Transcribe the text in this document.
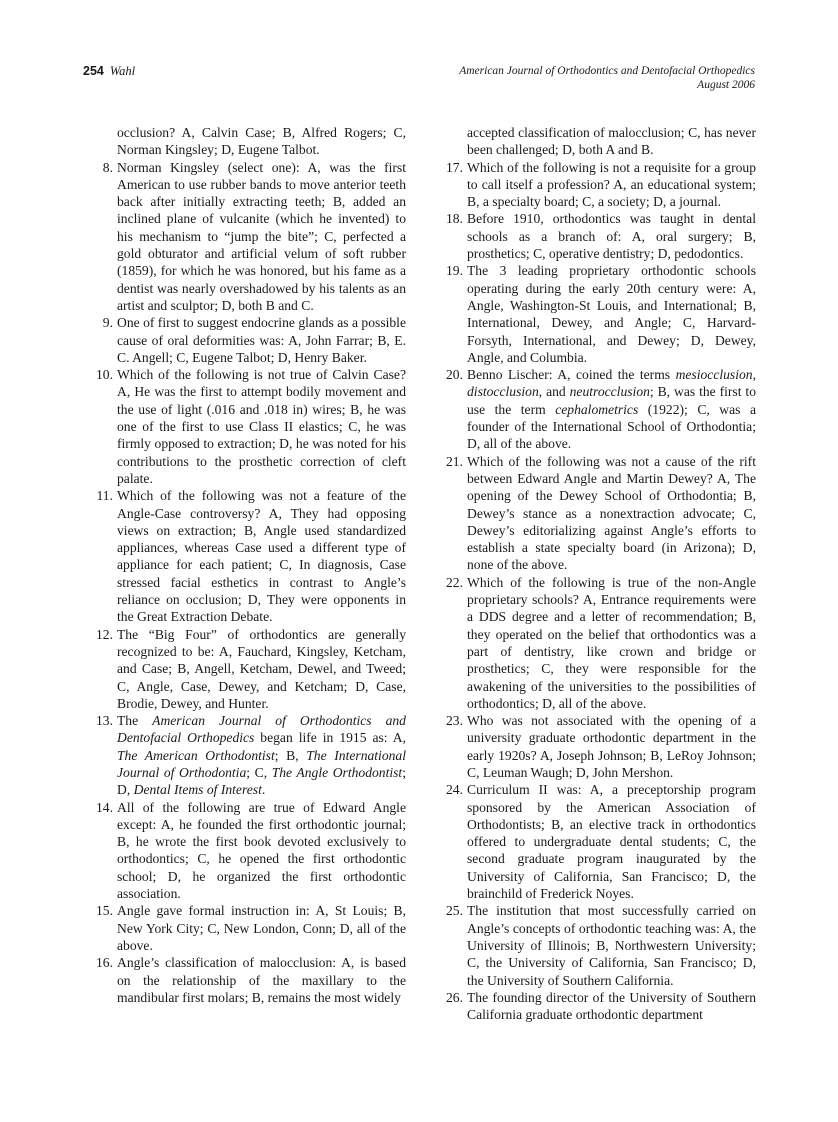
254 Wahl	American Journal of Orthodontics and Dentofacial Orthopedics
August 2006

occlusion? A, Calvin Case; B, Alfred Rogers; C, Norman Kingsley; D, Eugene Talbot.

8. Norman Kingsley (select one): A, was the first American to use rubber bands to move anterior teeth back after initially extracting teeth; B, added an inclined plane of vulcanite (which he invented) to his mechanism to “jump the bite”; C, perfected a gold obturator and artificial velum of soft rubber (1859), for which he was honored, but his fame as a dentist was nearly overshadowed by his talents as an artist and sculptor; D, both B and C.

9. One of first to suggest endocrine glands as a possible cause of oral deformities was: A, John Farrar; B, E. C. Angell; C, Eugene Talbot; D, Henry Baker.

10. Which of the following is not true of Calvin Case? A, He was the first to attempt bodily movement and the use of light (.016 and .018 in) wires; B, he was one of the first to use Class II elastics; C, he was firmly opposed to extraction; D, he was noted for his contributions to the prosthetic correction of cleft palate.

11. Which of the following was not a feature of the Angle-Case controversy? A, They had opposing views on extraction; B, Angle used standardized appliances, whereas Case used a different type of appliance for each patient; C, In diagnosis, Case stressed facial esthetics in contrast to Angle’s reliance on occlusion; D, They were opponents in the Great Extraction Debate.

12. The “Big Four” of orthodontics are generally recognized to be: A, Fauchard, Kingsley, Ketcham, and Case; B, Angell, Ketcham, Dewel, and Tweed; C, Angle, Case, Dewey, and Ketcham; D, Case, Brodie, Dewey, and Hunter.

13. The American Journal of Orthodontics and Dentofacial Orthopedics began life in 1915 as: A, The American Orthodontist; B, The International Journal of Orthodontia; C, The Angle Orthodontist; D, Dental Items of Interest.

14. All of the following are true of Edward Angle except: A, he founded the first orthodontic journal; B, he wrote the first book devoted exclusively to orthodontics; C, he opened the first orthodontic school; D, he organized the first orthodontic association.

15. Angle gave formal instruction in: A, St Louis; B, New York City; C, New London, Conn; D, all of the above.

16. Angle’s classification of malocclusion: A, is based on the relationship of the maxillary to the mandibular first molars; B, remains the most widely

accepted classification of malocclusion; C, has never been challenged; D, both A and B.

17. Which of the following is not a requisite for a group to call itself a profession? A, an educational system; B, a specialty board; C, a society; D, a journal.

18. Before 1910, orthodontics was taught in dental schools as a branch of: A, oral surgery; B, prosthetics; C, operative dentistry; D, pedodontics.

19. The 3 leading proprietary orthodontic schools operating during the early 20th century were: A, Angle, Washington-St Louis, and International; B, International, Dewey, and Angle; C, Harvard-Forsyth, International, and Dewey; D, Dewey, Angle, and Columbia.

20. Benno Lischer: A, coined the terms mesiocclusion, distocclusion, and neutrocclusion; B, was the first to use the term cephalometrics (1922); C, was a founder of the International School of Orthodontia; D, all of the above.

21. Which of the following was not a cause of the rift between Edward Angle and Martin Dewey? A, The opening of the Dewey School of Orthodontia; B, Dewey’s stance as a nonextraction advocate; C, Dewey’s editorializing against Angle’s efforts to establish a state specialty board (in Arizona); D, none of the above.

22. Which of the following is true of the non-Angle proprietary schools? A, Entrance requirements were a DDS degree and a letter of recommendation; B, they operated on the belief that orthodontics was a part of dentistry, like crown and bridge or prosthetics; C, they were responsible for the awakening of the universities to the possibilities of orthodontics; D, all of the above.

23. Who was not associated with the opening of a university graduate orthodontic department in the early 1920s? A, Joseph Johnson; B, LeRoy Johnson; C, Leuman Waugh; D, John Mershon.

24. Curriculum II was: A, a preceptorship program sponsored by the American Association of Orthodontists; B, an elective track in orthodontics offered to undergraduate dental students; C, the second graduate program inaugurated by the University of California, San Francisco; D, the brainchild of Frederick Noyes.

25. The institution that most successfully carried on Angle’s concepts of orthodontic teaching was: A, the University of Illinois; B, Northwestern University; C, the University of California, San Francisco; D, the University of Southern California.

26. The founding director of the University of Southern California graduate orthodontic department
